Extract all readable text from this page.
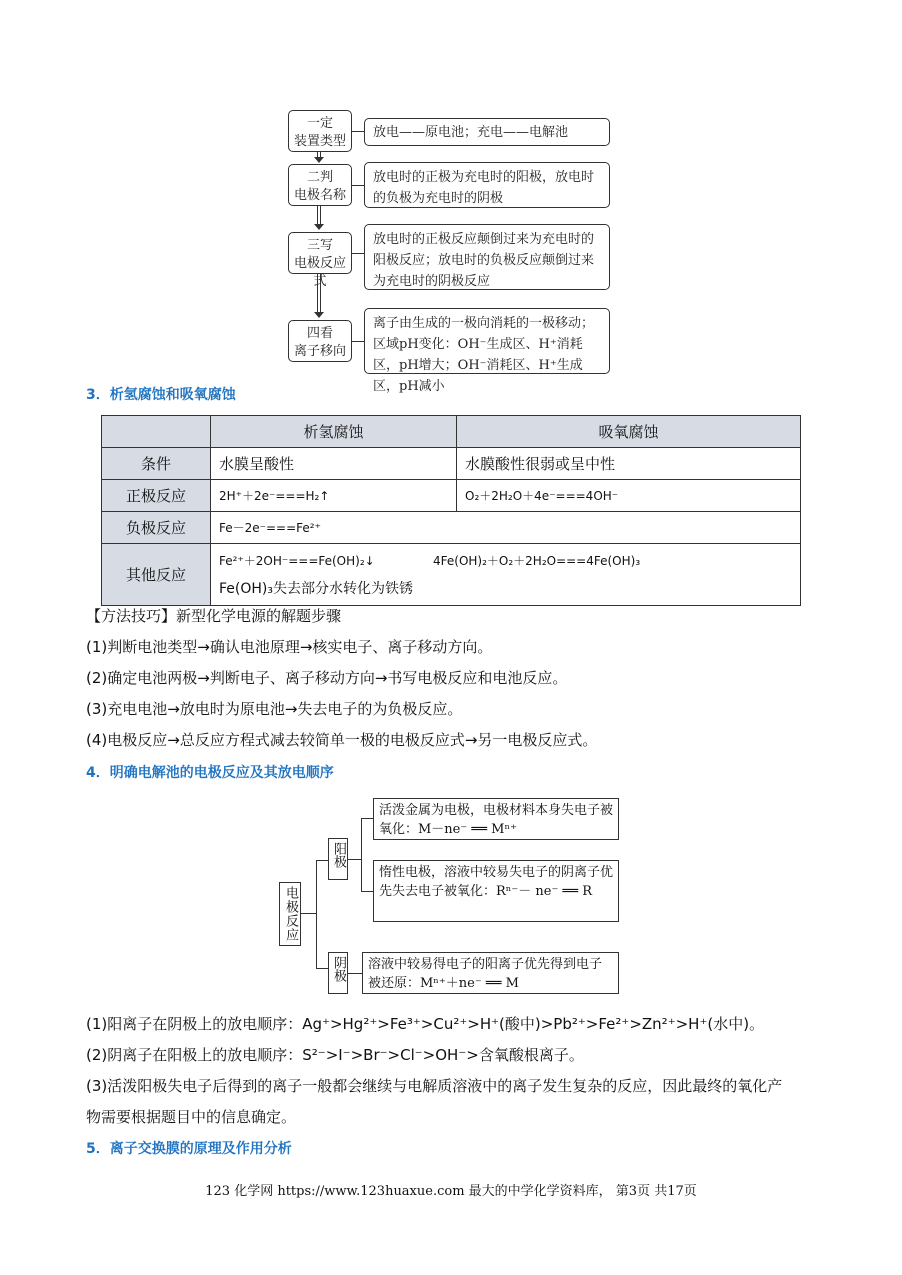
一定
装置类型
放电——原电池；充电——电解池
二判
电极名称
放电时的正极为充电时的阳极，放电时的负极为充电时的阴极
三写
电极反应式
放电时的正极反应颠倒过来为充电时的阳极反应；放电时的负极反应颠倒过来为充电时的阴极反应
四看
离子移向
离子由生成的一极向消耗的一极移动；区域pH变化：OH⁻生成区、H⁺消耗区，pH增大；OH⁻消耗区、H⁺生成区，pH减小
3．析氢腐蚀和吸氧腐蚀
	析氢腐蚀	吸氧腐蚀
条件	水膜呈酸性	水膜酸性很弱或呈中性
正极反应	2H⁺＋2e⁻===H₂↑	O₂＋2H₂O＋4e⁻===4OH⁻
负极反应	Fe－2e⁻===Fe²⁺	
其他反应	Fe²⁺＋2OH⁻===Fe(OH)₂↓ 4Fe(OH)₂＋O₂＋2H₂O===4Fe(OH)₃
Fe(OH)₃失去部分水转化为铁锈	
【方法技巧】新型化学电源的解题步骤
(1)判断电池类型→确认电池原理→核实电子、离子移动方向。
(2)确定电池两极→判断电子、离子移动方向→书写电极反应和电池反应。
(3)充电电池→放电时为原电池→失去电子的为负极反应。
(4)电极反应→总反应方程式减去较简单一极的电极反应式→另一电极反应式。
4．明确电解池的电极反应及其放电顺序
电极反应
阳极
阴极
活泼金属为电极，电极材料本身失电子被氧化：M－ne⁻ ══ Mⁿ⁺
惰性电极，溶液中较易失电子的阴离子优先失去电子被氧化：Rⁿ⁻－ ne⁻ ══ R
溶液中较易得电子的阳离子优先得到电子被还原：Mⁿ⁺＋ne⁻ ══ M
(1)阳离子在阴极上的放电顺序：Ag⁺>Hg²⁺>Fe³⁺>Cu²⁺>H⁺(酸中)>Pb²⁺>Fe²⁺>Zn²⁺>H⁺(水中)。
(2)阴离子在阳极上的放电顺序：S²⁻>I⁻>Br⁻>Cl⁻>OH⁻>含氧酸根离子。
(3)活泼阳极失电子后得到的离子一般都会继续与电解质溶液中的离子发生复杂的反应，因此最终的氧化产
物需要根据题目中的信息确定。
5．离子交换膜的原理及作用分析
123 化学网 https://www.123huaxue.com 最大的中学化学资料库， 第3页 共17页
